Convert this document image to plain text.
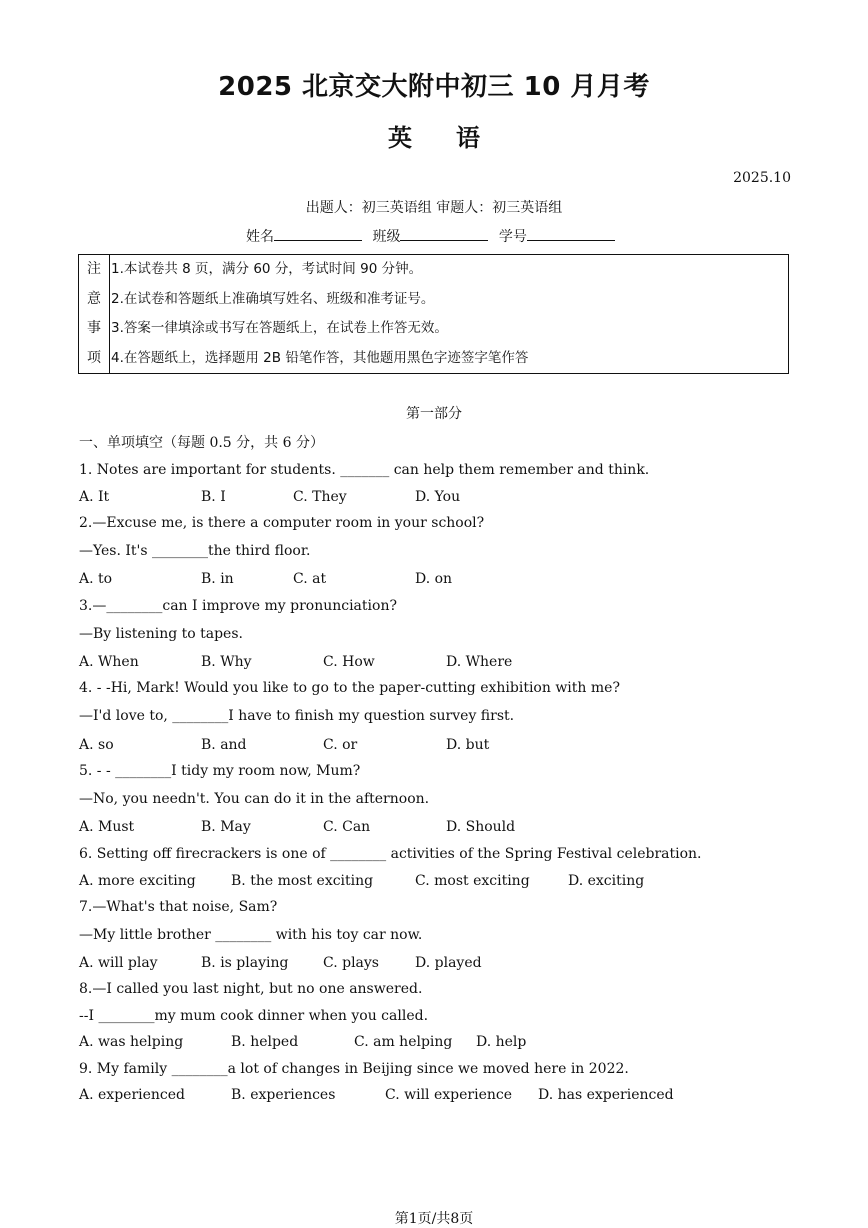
2025 北京交大附中初三 10 月月考
英 语
2025.10
出题人：初三英语组 审题人：初三英语组
姓名	班级	学号
注
意
事
项
1.本试卷共 8 页，满分 60 分，考试时间 90 分钟。
2.在试卷和答题纸上准确填写姓名、班级和准考证号。
3.答案一律填涂或书写在答题纸上，在试卷上作答无效。
4.在答题纸上，选择题用 2B 铅笔作答，其他题用黑色字迹签字笔作答
第一部分
一、单项填空（每题 0.5 分，共 6 分）
1. Notes are important for students. _______ can help them remember and think.
A. It	B. I	C. They	D. You
2.—Excuse me, is there a computer room in your school?
—Yes. It's ________the third floor.
A. to	B. in	C. at	D. on
3.—________can I improve my pronunciation?
—By listening to tapes.
A. When	B. Why	C. How	D. Where
4. - -Hi, Mark! Would you like to go to the paper-cutting exhibition with me?
—I'd love to, ________I have to finish my question survey first.
A. so	B. and	C. or	D. but
5. - - ________I tidy my room now, Mum?
—No, you needn't. You can do it in the afternoon.
A. Must	B. May	C. Can	D. Should
6. Setting off firecrackers is one of ________ activities of the Spring Festival celebration.
A. more exciting	B. the most exciting	C. most exciting	D. exciting
7.—What's that noise, Sam?
—My little brother ________ with his toy car now.
A. will play	B. is playing C. plays	D. played
8.—I called you last night, but no one answered.
--I ________my mum cook dinner when you called.
A. was helping	B. helped	C. am helping D. help
9. My family ________a lot of changes in Beijing since we moved here in 2022.
A. experienced	B. experiences	C. will experience D. has experienced
第1页/共8页
